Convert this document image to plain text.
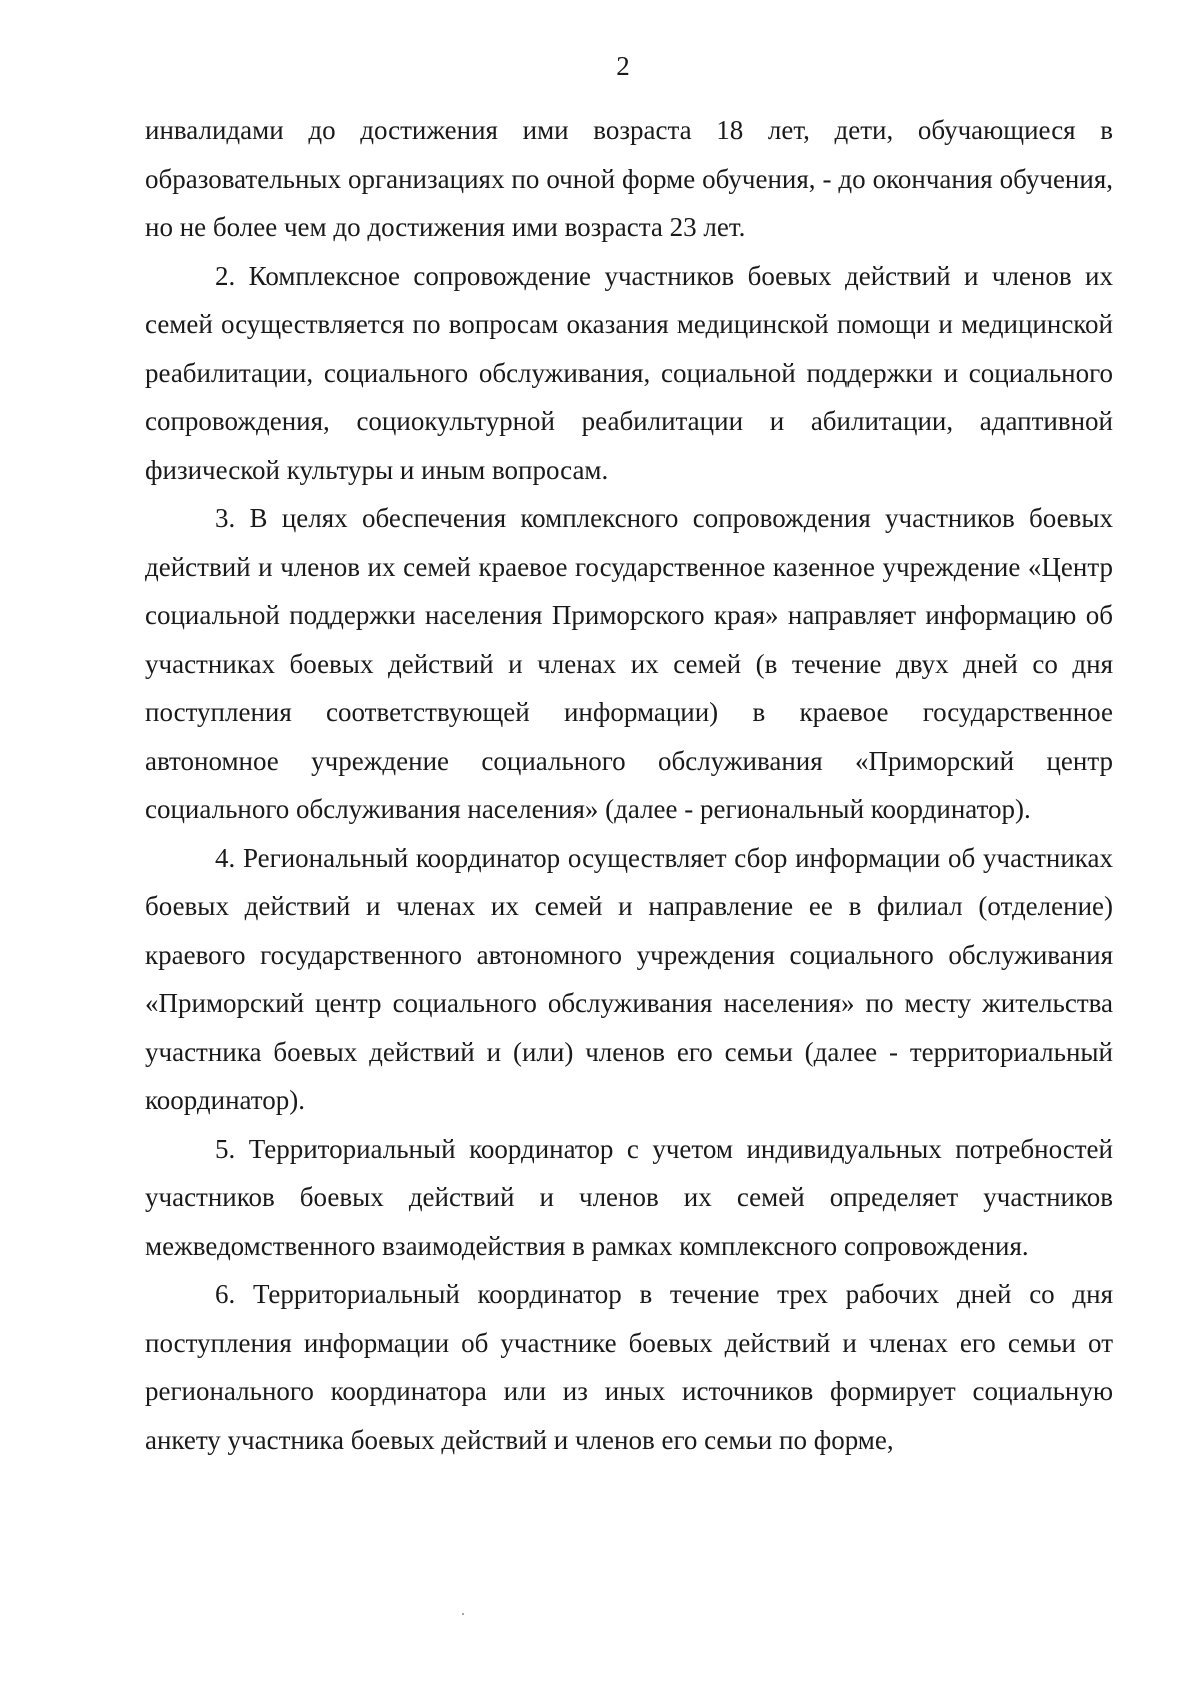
2

инвалидами до достижения ими возраста 18 лет, дети, обучающиеся в образовательных организациях по очной форме обучения, - до окончания обучения, но не более чем до достижения ими возраста 23 лет.

2. Комплексное сопровождение участников боевых действий и членов их семей осуществляется по вопросам оказания медицинской помощи и медицинской реабилитации, социального обслуживания, социальной поддержки и социального сопровождения, социокультурной реабилитации и абилитации, адаптивной физической культуры и иным вопросам.

3. В целях обеспечения комплексного сопровождения участников боевых действий и членов их семей краевое государственное казенное учреждение «Центр социальной поддержки населения Приморского края» направляет информацию об участниках боевых действий и членах их семей (в течение двух дней со дня поступления соответствующей информации) в краевое государственное автономное учреждение социального обслуживания «Приморский центр социального обслуживания населения» (далее - региональный координатор).

4. Региональный координатор осуществляет сбор информации об участниках боевых действий и членах их семей и направление ее в филиал (отделение) краевого государственного автономного учреждения социального обслуживания «Приморский центр социального обслуживания населения» по месту жительства участника боевых действий и (или) членов его семьи (далее - территориальный координатор).

5. Территориальный координатор с учетом индивидуальных потребностей участников боевых действий и членов их семей определяет участников межведомственного взаимодействия в рамках комплексного сопровождения.

6. Территориальный координатор в течение трех рабочих дней со дня поступления информации об участнике боевых действий и членах его семьи от регионального координатора или из иных источников формирует социальную анкету участника боевых действий и членов его семьи по форме,
